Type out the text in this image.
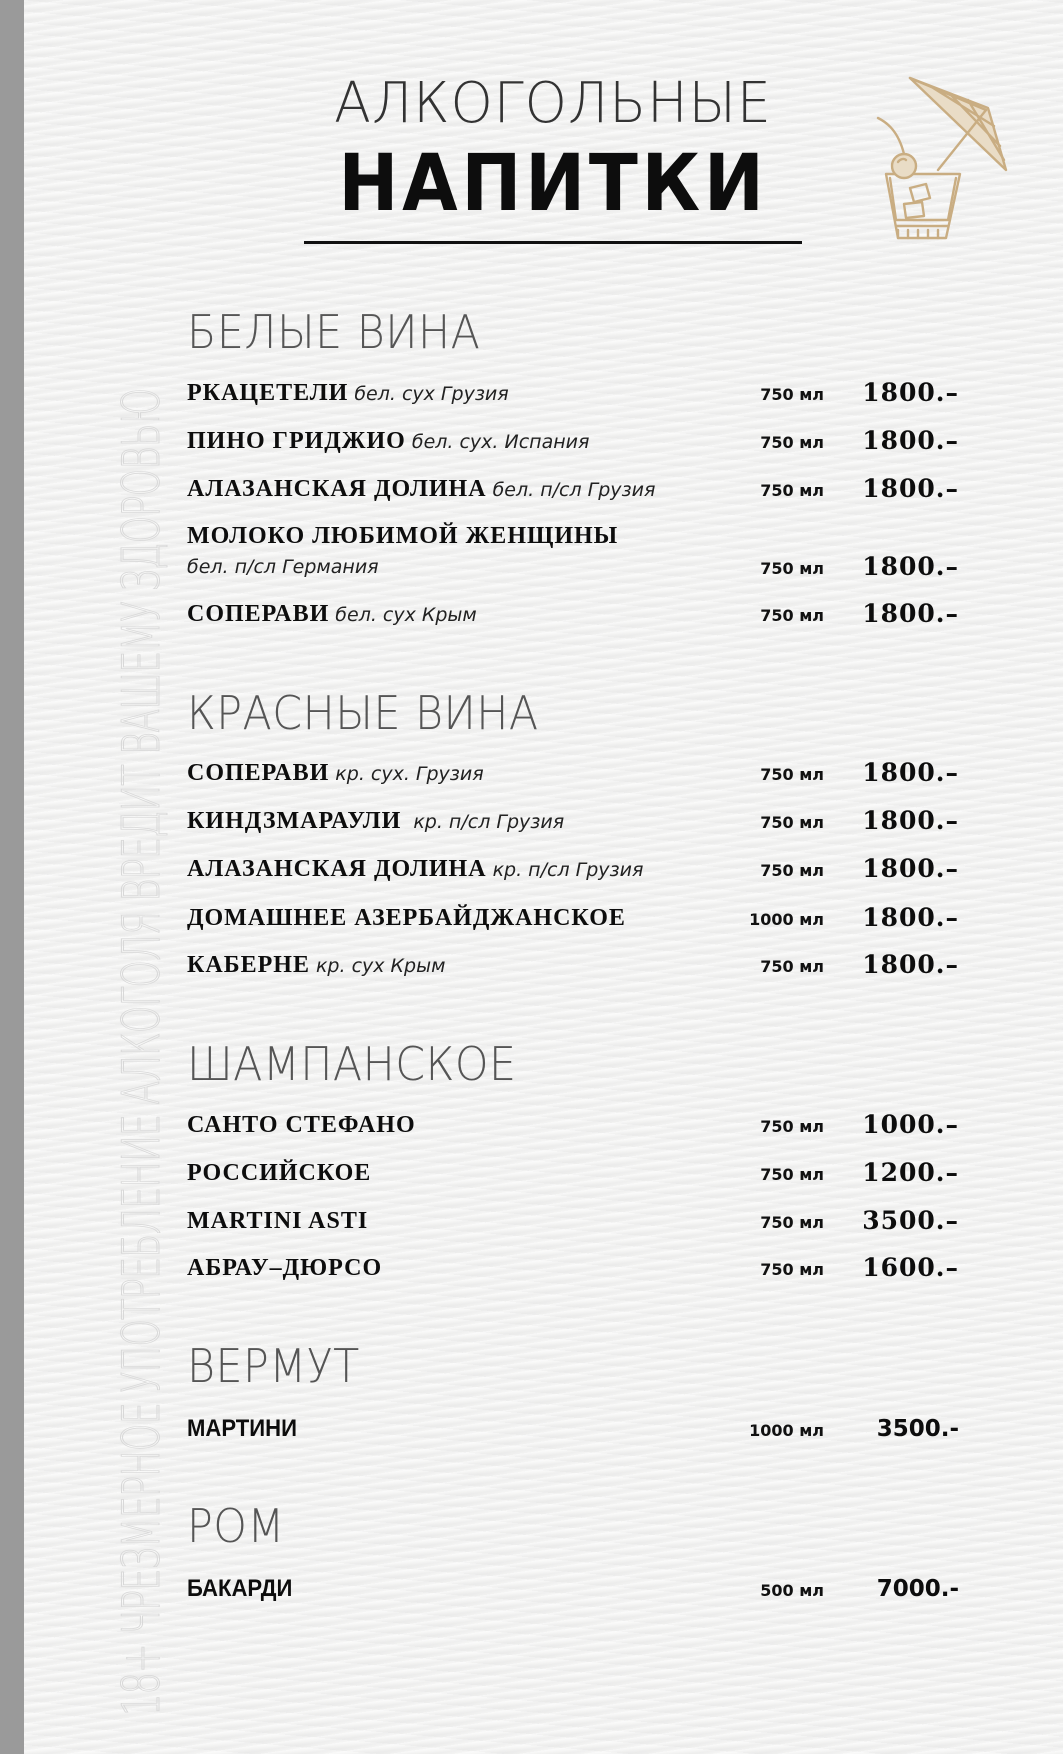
18+ ЧРЕЗМЕРНОЕ УПОТРЕБЛЕНИЕ АЛКОГОЛЯ ВРЕДИТ ВАШЕМУ ЗДОРОВЬЮ
АЛКОГОЛЬНЫЕ
НАПИТКИ
БЕЛЫЕ ВИНА
РКАЦЕТЕЛИ бел. сух Грузия	750 мл 1800.–
ПИНО ГРИДЖИО бел. сух. Испания	750 мл 1800.–
АЛАЗАНСКАЯ ДОЛИНА бел. п/сл Грузия	750 мл 1800.–
МОЛОКО ЛЮБИМОЙ ЖЕНЩИНЫ
бел. п/сл Германия	750 мл 1800.–
СОПЕРАВИ бел. сух Крым	750 мл 1800.–
КРАСНЫЕ ВИНА
СОПЕРАВИ кр. сух. Грузия	750 мл 1800.–
КИНДЗМАРАУЛИ кр. п/сл Грузия	750 мл 1800.–
АЛАЗАНСКАЯ ДОЛИНА кр. п/сл Грузия	750 мл 1800.–
ДОМАШНЕЕ АЗЕРБАЙДЖАНСКОЕ	1000 мл 1800.–
КАБЕРНЕ кр. сух Крым	750 мл 1800.–
ШАМПАНСКОЕ
САНТО СТЕФАНО	750 мл 1000.–
РОССИЙСКОЕ	750 мл 1200.–
MARTINI ASTI	750 мл 3500.–
АБРАУ–ДЮРСО	750 мл 1600.–
ВЕРМУТ
МАРТИНИ	1000 мл 3500.-
РОМ
БАКАРДИ	500 мл 7000.-
